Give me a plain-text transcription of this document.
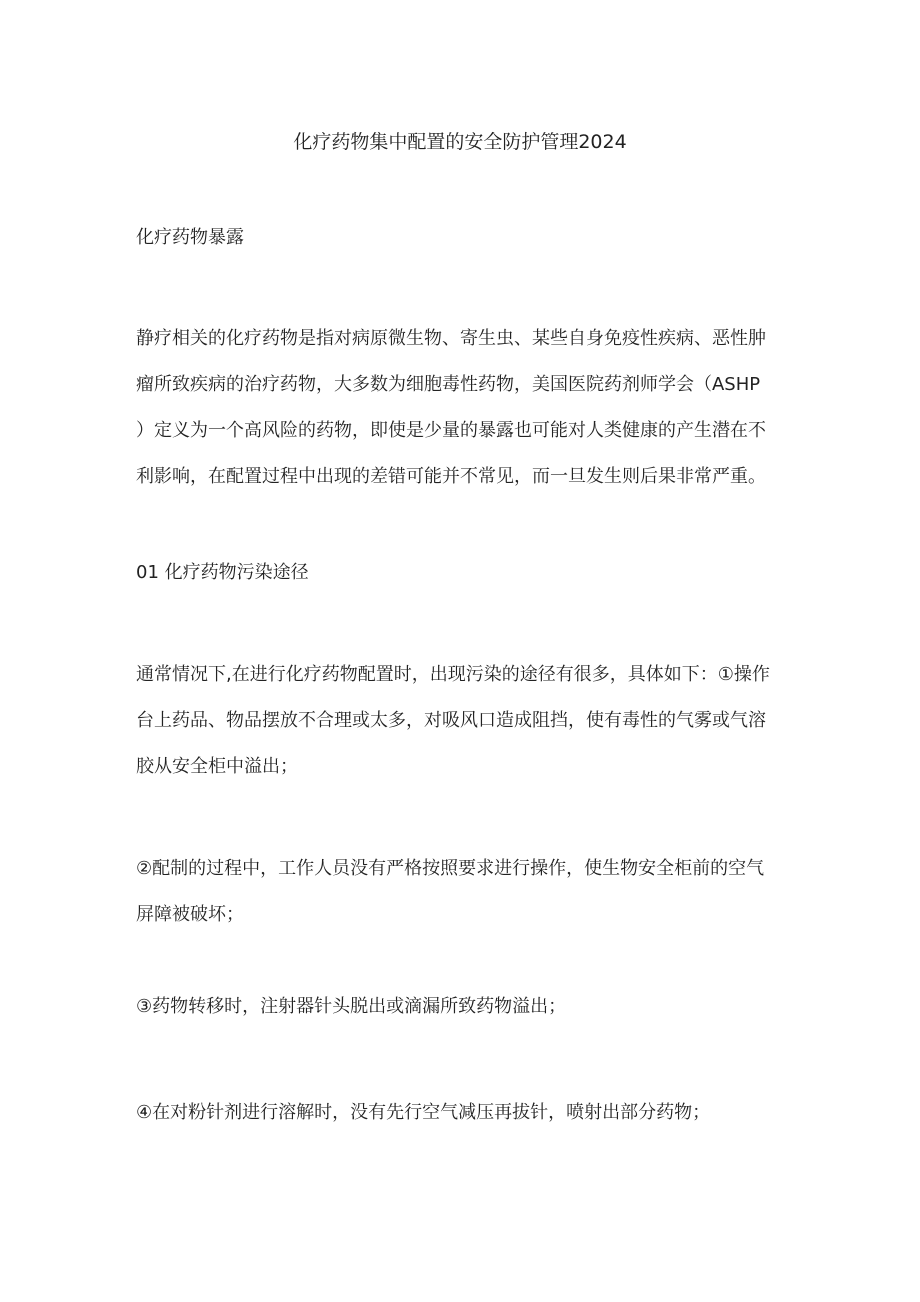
化疗药物集中配置的安全防护管理2024
化疗药物暴露
静疗相关的化疗药物是指对病原微生物、寄生虫、某些自身免疫性疾病、恶性肿
瘤所致疾病的治疗药物，大多数为细胞毒性药物，美国医院药剂师学会（ASHP
）定义为一个高风险的药物，即使是少量的暴露也可能对人类健康的产生潜在不
利影响，在配置过程中出现的差错可能并不常见，而一旦发生则后果非常严重。
01 化疗药物污染途径
通常情况下,在进行化疗药物配置时，出现污染的途径有很多，具体如下：①操作
台上药品、物品摆放不合理或太多，对吸风口造成阻挡，使有毒性的气雾或气溶
胶从安全柜中溢出；
②配制的过程中，工作人员没有严格按照要求进行操作，使生物安全柜前的空气
屏障被破坏；
③药物转移时，注射器针头脱出或滴漏所致药物溢出；
④在对粉针剂进行溶解时，没有先行空气减压再拔针，喷射出部分药物；
